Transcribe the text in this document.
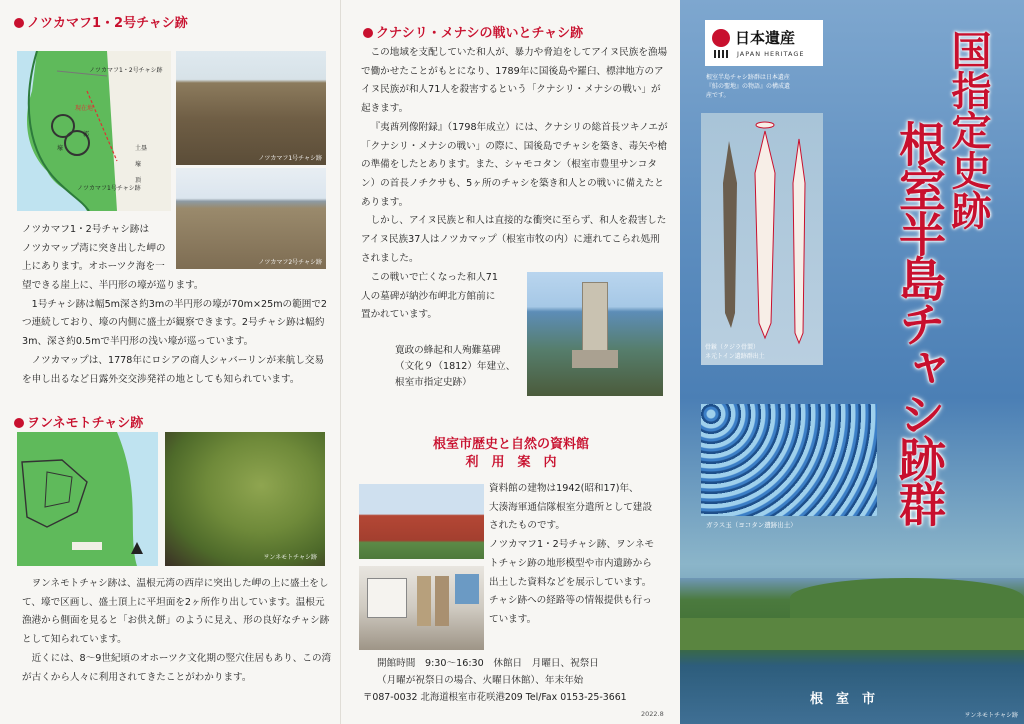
ノツカマフ1・2号チャシ跡
ノツカマフ1・2号チャシ跡
現在地
ノツカマフ1号チャシ跡
土塁
壕
頂
壕
郭
ノツカマフ1号チャシ跡
ノツカマフ2号チャシ跡

ノツカマフ1・2号チャシ跡は

ノツカマップ湾に突き出した岬の

上にあります。オホーツク海を一

望できる崖上に、半円形の壕が巡ります。

1号チャシ跡は幅5m深さ約3mの半円形の壕が70m×25mの範囲で2つ連続しており、壕の内側に盛土が観察できます。2号チャシ跡は幅約3m、深さ約0.5mで半円形の浅い壕が巡っています。

ノツカマップは、1778年にロシアの商人シャバーリンが来航し交易を申し出るなど日露外交交渉発祥の地としても知られています。

ヲンネモトチャシ跡
ヲンネモトチャシ跡

ヲンネモトチャシ跡は、温根元湾の西岸に突出した岬の上に盛土をして、壕で区画し、盛土頂上に平坦面を2ヶ所作り出しています。温根元漁港から側面を見ると「お供え餅」のように見え、形の良好なチャシ跡として知られています。

近くには、8～9世紀頃のオホーツク文化期の竪穴住居もあり、この湾が古くから人々に利用されてきたことがわかります。

クナシリ・メナシの戦いとチャシ跡

この地域を支配していた和人が、暴力や脅迫をしてアイヌ民族を漁場で働かせたことがもとになり、1789年に国後島や羅臼、標津地方のアイヌ民族が和人71人を殺害するという「クナシリ・メナシの戦い」が起きます。

『夷酋列像附録』（1798年成立）には、クナシリの総首長ツキノエが「クナシリ・メナシの戦い」の際に、国後島でチャシを築き、毒矢や槍の準備をしたとあります。また、シャモコタン（根室市豊里サンコタン）の首長ノチクサも、5ヶ所のチャシを築き和人との戦いに備えたとあります。

しかし、アイヌ民族と和人は直接的な衝突に至らず、和人を殺害したアイヌ民族37人はノツカマップ（根室市牧の内）に連れてこられ処刑されました。

この戦いで亡くなった和人71

人の墓碑が納沙布岬北方館前に

置かれています。

寛政の蜂起和人殉難墓碑

（文化９（1812）年建立、

根室市指定史跡）

根室市歴史と自然の資料館
利　用　案　内

資料館の建物は1942(昭和17)年、

大湊海軍通信隊根室分遣所として建設

されたものです。

ノツカマフ1・2号チャシ跡、ヲンネモ

トチャシ跡の地形模型や市内遺跡から

出土した資料などを展示しています。

チャシ跡への経路等の情報提供も行っ

ています。

開館時間　9:30～16:30　休館日　月曜日、祝祭日

（月曜が祝祭日の場合、火曜日休館）、年末年始

〒087-0032 北海道根室市花咲港209 Tel/Fax 0153-25-3661

2022.8
日本遺産
JAPAN HERITAGE
根室半島チャシ跡群は日本遺産
『鮭の聖地』の物語』の構成遺
産です。	国指定史跡
根室半島チャシ跡群
骨鏃（クジラ骨製）
ネ元トイン遺跡群出土
ガラス玉（ヨコタン遺跡出土）
根　室　市
ヲンネモトチャシ跡
